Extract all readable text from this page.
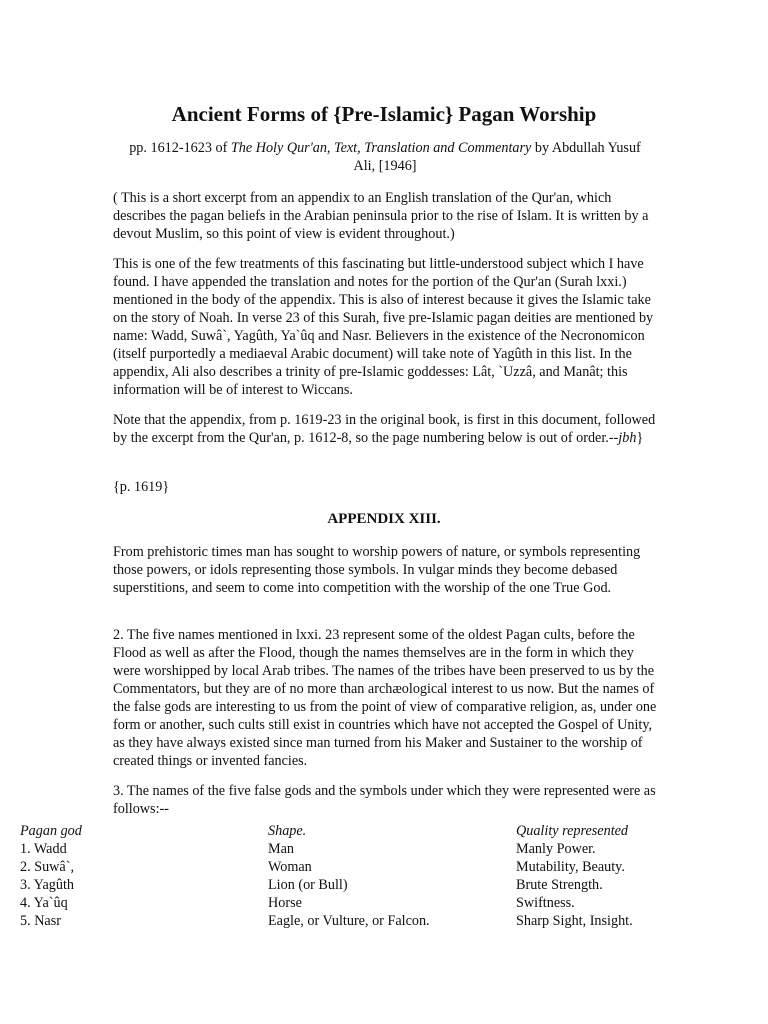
Ancient Forms of {Pre-Islamic} Pagan Worship
pp. 1612-1623 of The Holy Qur'an, Text, Translation and Commentary by Abdullah Yusuf Ali, [1946]

( This is a short excerpt from an appendix to an English translation of the Qur'an, which describes the pagan beliefs in the Arabian peninsula prior to the rise of Islam. It is written by a devout Muslim, so this point of view is evident throughout.)

This is one of the few treatments of this fascinating but little-understood subject which I have found. I have appended the translation and notes for the portion of the Qur'an (Surah lxxi.) mentioned in the body of the appendix. This is also of interest because it gives the Islamic take on the story of Noah. In verse 23 of this Surah, five pre-Islamic pagan deities are mentioned by name: Wadd, Suwâ`, Yagûth, Ya`ûq and Nasr. Believers in the existence of the Necronomicon (itself purportedly a mediaeval Arabic document) will take note of Yagûth in this list. In the appendix, Ali also describes a trinity of pre-Islamic goddesses: Lât, `Uzzâ, and Manât; this information will be of interest to Wiccans.

Note that the appendix, from p. 1619-23 in the original book, is first in this document, followed by the excerpt from the Qur'an, p. 1612-8, so the page numbering below is out of order.--jbh}

{p. 1619}

APPENDIX XIII.

From prehistoric times man has sought to worship powers of nature, or symbols representing those powers, or idols representing those symbols. In vulgar minds they become debased superstitions, and seem to come into competition with the worship of the one True God.

2. The five names mentioned in lxxi. 23 represent some of the oldest Pagan cults, before the Flood as well as after the Flood, though the names themselves are in the form in which they were worshipped by local Arab tribes. The names of the tribes have been preserved to us by the Commentators, but they are of no more than archæological interest to us now. But the names of the false gods are interesting to us from the point of view of comparative religion, as, under one form or another, such cults still exist in countries which have not accepted the Gospel of Unity, as they have always existed since man turned from his Maker and Sustainer to the worship of created things or invented fancies.

3. The names of the five false gods and the symbols under which they were represented were as follows:--

Pagan god	Shape.	Quality represented
1. Wadd	Man	Manly Power.
2. Suwâ`,	Woman	Mutability, Beauty.
3. Yagûth	Lion (or Bull)	Brute Strength.
4. Ya`ûq	Horse	Swiftness.
5. Nasr	Eagle, or Vulture, or Falcon.	Sharp Sight, Insight.
